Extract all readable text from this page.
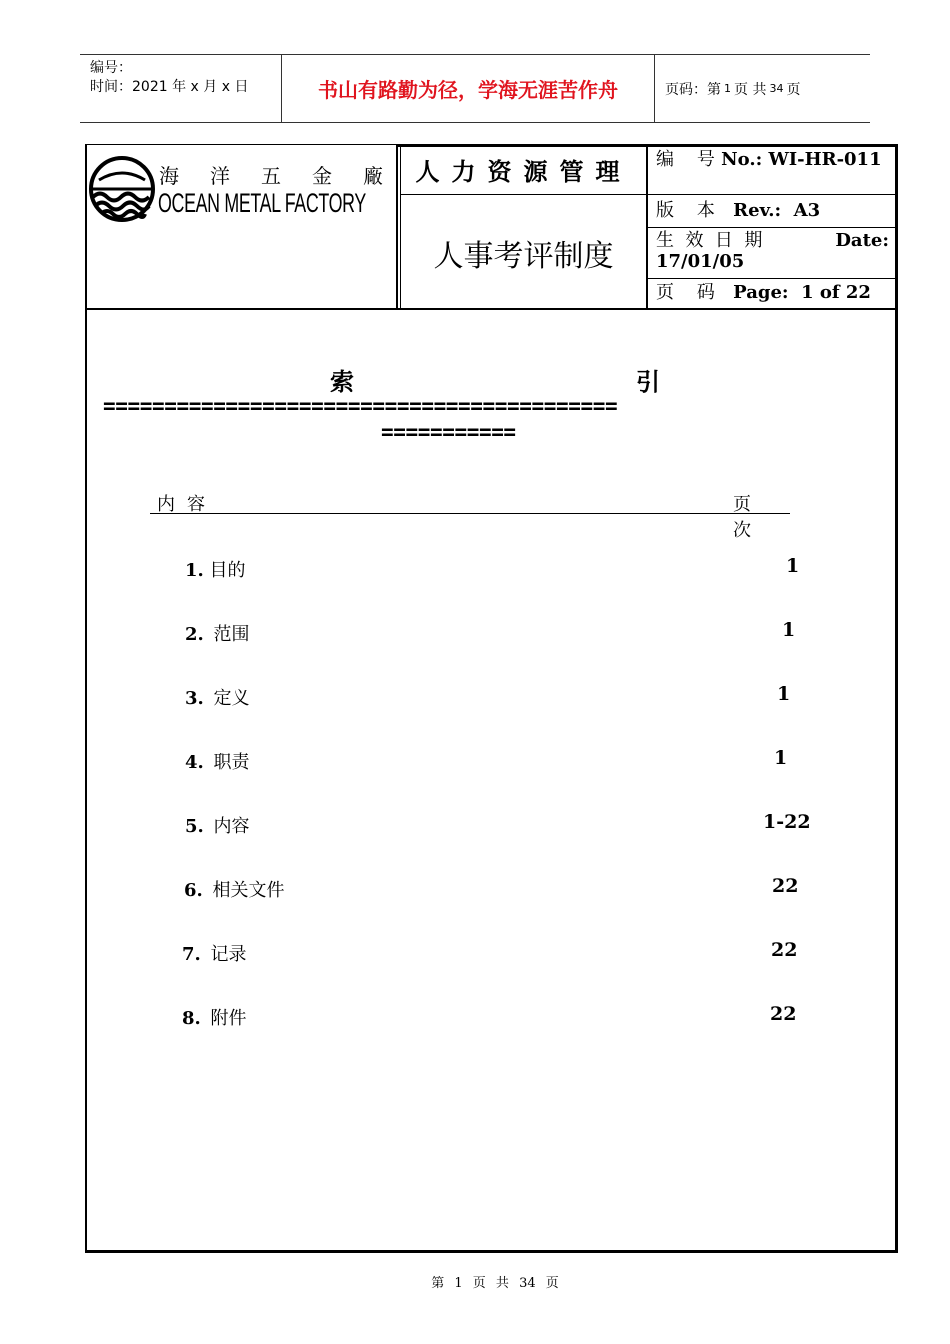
编号：
时间：2021 年 x 月 x 日	书山有路勤为径，学海无涯苦作舟	页码：第 1 页 共 34 页
海 洋 五 金 廠
OCEAN METAL FACTORY
人力资源管理
人事考评制度
编    号 No.: WI-HR-011
版    本 Rev.:  A3
生  效  日  期	Date:
17/01/05
页    码 Page:  1 of 22
索	引
==========================================
===========
内容	页次
1. 目的	1
2. 范围	1
3. 定义	1
4. 职责	1
5. 内容	1-22
6. 相关文件	22
7. 记录	22
8. 附件	22
第 1 页 共 34 页
